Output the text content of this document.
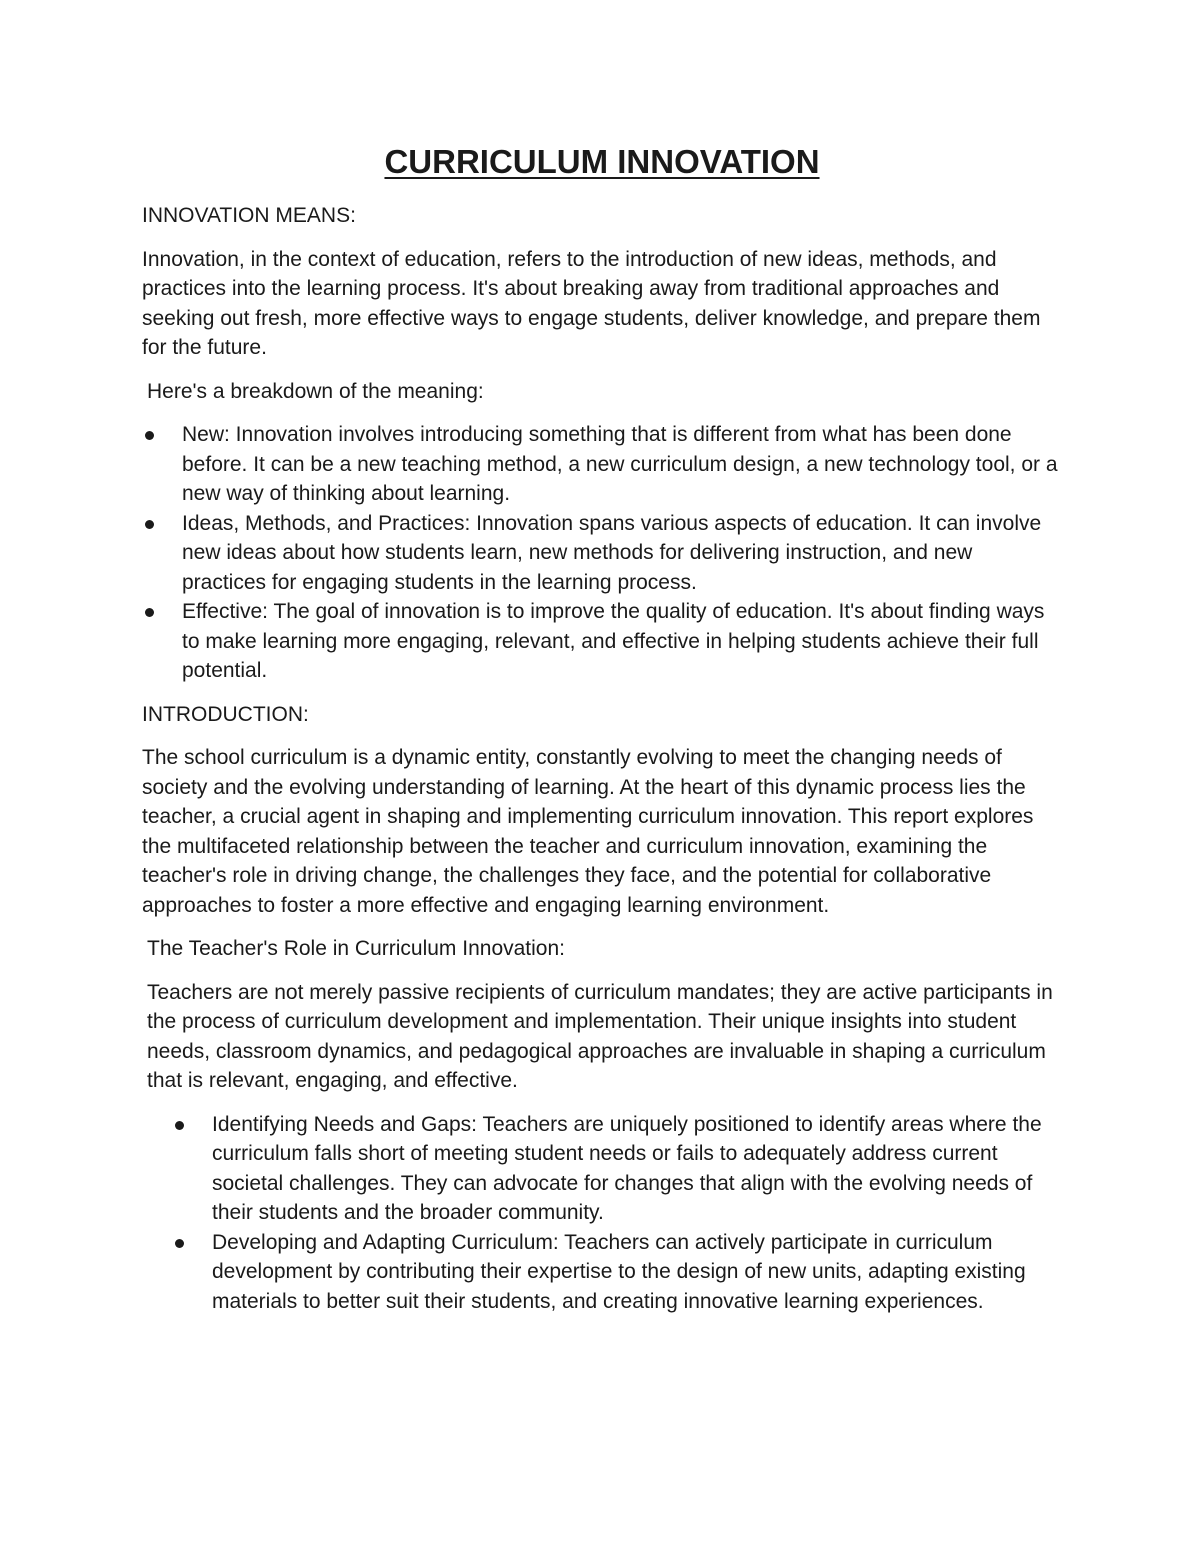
CURRICULUM INNOVATION
INNOVATION MEANS:

Innovation, in the context of education, refers to the introduction of new ideas, methods, and practices into the learning process. It's about breaking away from traditional approaches and seeking out fresh, more effective ways to engage students, deliver knowledge, and prepare them for the future.

Here's a breakdown of the meaning:

New: Innovation involves introducing something that is different from what has been done before. It can be a new teaching method, a new curriculum design, a new technology tool, or a new way of thinking about learning.
Ideas, Methods, and Practices: Innovation spans various aspects of education. It can involve new ideas about how students learn, new methods for delivering instruction, and new practices for engaging students in the learning process.
Effective: The goal of innovation is to improve the quality of education. It's about finding ways to make learning more engaging, relevant, and effective in helping students achieve their full potential.
INTRODUCTION:

The school curriculum is a dynamic entity, constantly evolving to meet the changing needs of society and the evolving understanding of learning. At the heart of this dynamic process lies the teacher, a crucial agent in shaping and implementing curriculum innovation. This report explores the multifaceted relationship between the teacher and curriculum innovation, examining the teacher's role in driving change, the challenges they face, and the potential for collaborative approaches to foster a more effective and engaging learning environment.

The Teacher's Role in Curriculum Innovation:

Teachers are not merely passive recipients of curriculum mandates; they are active participants in the process of curriculum development and implementation. Their unique insights into student needs, classroom dynamics, and pedagogical approaches are invaluable in shaping a curriculum that is relevant, engaging, and effective.

Identifying Needs and Gaps: Teachers are uniquely positioned to identify areas where the curriculum falls short of meeting student needs or fails to adequately address current societal challenges. They can advocate for changes that align with the evolving needs of their students and the broader community.
Developing and Adapting Curriculum: Teachers can actively participate in curriculum development by contributing their expertise to the design of new units, adapting existing materials to better suit their students, and creating innovative learning experiences.
